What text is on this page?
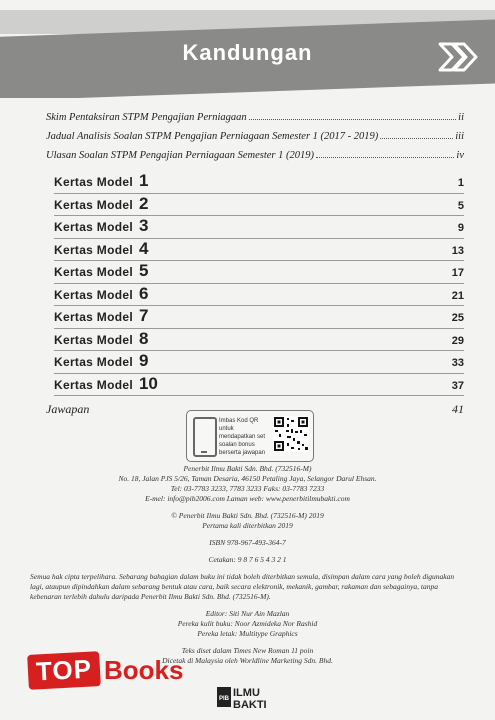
Kandungan
Skim Pentaksiran STPM Pengajian Perniagaan	ii
Jadual Analisis Soalan STPM Pengajian Perniagaan Semester 1 (2017 - 2019)	iii
Ulasan Soalan STPM Pengajian Perniagaan Semester 1 (2019)	iv
Kertas Model 1	1
Kertas Model 2	5
Kertas Model 3	9
Kertas Model 4	13
Kertas Model 5	17
Kertas Model 6	21
Kertas Model 7	25
Kertas Model 8	29
Kertas Model 9	33
Kertas Model 10	37
Jawapan	41
Imbas Kod QR untuk mendapatkan set soalan bonus berserta jawapan

Penerbit Ilmu Bakti Sdn. Bhd. (732516-M)

No. 18, Jalan PJS 5/26, Taman Desaria, 46150 Petaling Jaya, Selangor Darul Ehsan.

Tel: 03-7783 3233, 7783 3233 Faks: 03-7783 7233

E-mel: info@pib2006.com Laman web: www.penerbitilmubakti.com

© Penerbit Ilmu Bakti Sdn. Bhd. (732516-M) 2019

Pertama kali diterbitkan 2019

ISBN 978-967-493-364-7

Cetakan: 9 8 7 6 5 4 3 2 1

Semua hak cipta terpelihara. Sebarang bahagian dalam buku ini tidak boleh diterbitkan semula, disimpan dalam cara yang boleh digunakan lagi, ataupun dipindahkan dalam sebarang bentuk atau cara, baik secara elektronik, mekanik, gambar, rakaman dan sebagainya, tanpa kebenaran terlebih dahulu daripada Penerbit Ilmu Bakti Sdn. Bhd. (732516-M).

Editor: Siti Nur Ain Mazlan

Pereka kulit buku: Noor Azmideka Nor Rashid

Pereka letak: Multitype Graphics

Teks diset dalam Times New Roman 11 poin

Dicetak di Malaysia oleh Worldline Marketing Sdn. Bhd.

TOP Books
PIB ILMU
BAKTI
